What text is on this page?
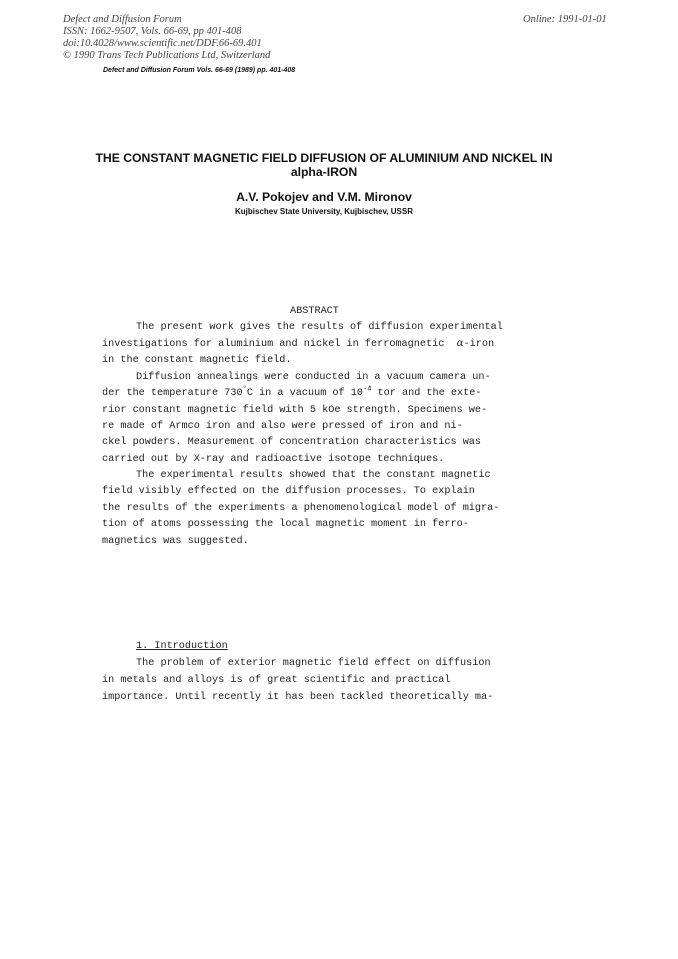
Defect and Diffusion Forum
ISSN: 1662-9507, Vols. 66-69, pp 401-408
doi:10.4028/www.scientific.net/DDF.66-69.401
© 1990 Trans Tech Publications Ltd, Switzerland
Online: 1991-01-01
Defect and Diffusion Forum Vols. 66-69 (1989) pp. 401-408
THE CONSTANT MAGNETIC FIELD DIFFUSION OF ALUMINIUM AND NICKEL IN alpha-IRON
A.V. Pokojev and V.M. Mironov
Kujbischev State University, Kujbischev, USSR
ABSTRACT
The present work gives the results of diffusion experimental
investigations for aluminium and nickel in ferromagnetic α-iron
in the constant magnetic field.
Diffusion annealings were conducted in a vacuum camera un-
der the temperature 730°C in a vacuum of $10^{-4}$ tor and the exte-
rior constant magnetic field with 5 kOe strength. Specimens we-
re made of Armco iron and also were pressed of iron and ni-
ckel powders. Measurement of concentration characteristics was
carried out by X-ray and radioactive isotope techniques.
The experimental results showed that the constant magnetic
field visibly effected on the diffusion processes. To explain
the results of the experiments a phenomenological model of migra-
tion of atoms possessing the local magnetic moment in ferro-
magnetics was suggested.
The problem of exterior magnetic field effect on diffusion
in metals and alloys is of great scientific and practical
importance. Until recently it has been tackled theoretically ma-
1. Introduction
